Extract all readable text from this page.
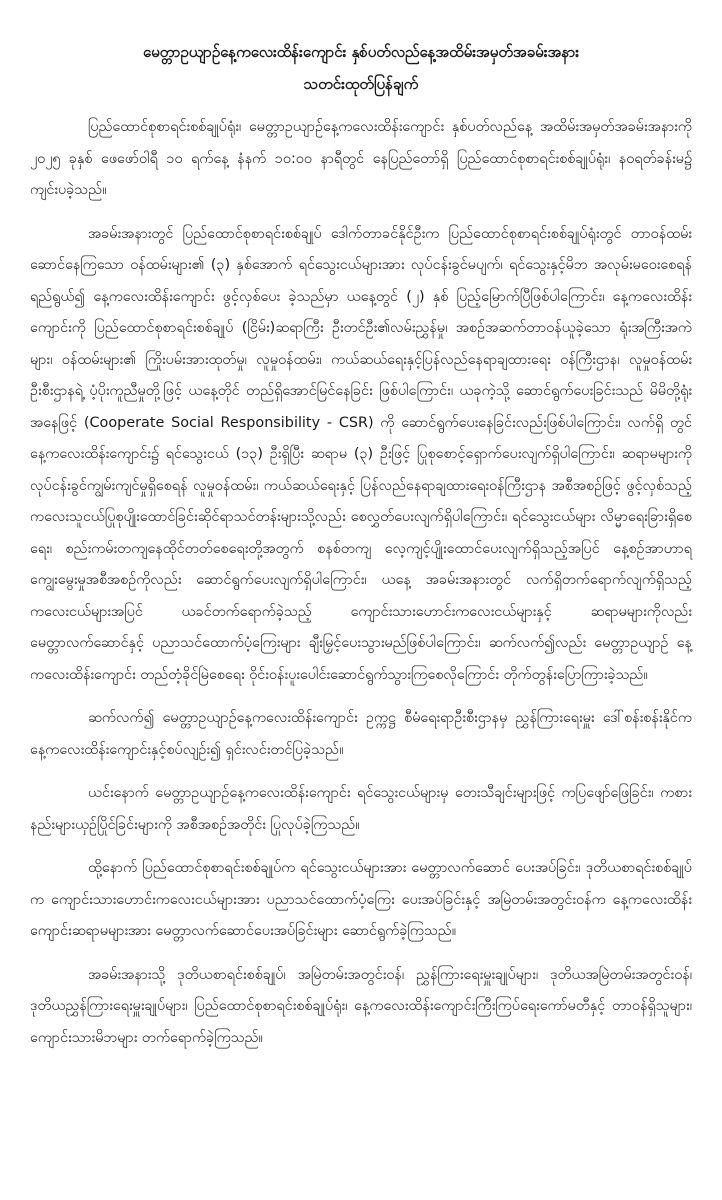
မေတ္တာဥယျာဉ်နေ့ကလေးထိန်းကျောင်း နှစ်ပတ်လည်နေ့အထိမ်းအမှတ်အခမ်းအနား
သတင်းထုတ်ပြန်ချက်

ပြည်ထောင်စုစာရင်းစစ်ချုပ်ရုံး၊ မေတ္တာဥယျာဉ်နေ့ကလေးထိန်းကျောင်း နှစ်ပတ်လည်နေ့ အထိမ်းအမှတ်အခမ်းအနားကို ၂၀၂၅ ခုနှစ် ဖေဖော်ဝါရီ ၁၀ ရက်နေ့ နံနက် ၁၀:၀၀ နာရီတွင် နေပြည်တော်ရှိ ပြည်ထောင်စုစာရင်းစစ်ချုပ်ရုံး၊ န၀ရတ်ခန်းမ၌ ကျင်းပခဲ့သည်။

အခမ်းအနားတွင် ပြည်ထောင်စုစာရင်းစစ်ချုပ် ဒေါက်တာခင်နိုင်ဦးက ပြည်ထောင်စုစာရင်းစစ်ချုပ်ရုံးတွင် တာဝန်ထမ်းဆောင်နေကြသော ဝန်ထမ်းများ၏ (၃) နှစ်အောက် ရင်သွေးငယ်များအား လုပ်ငန်းခွင်မပျက်၊ ရင်သွေးနှင့်မိဘ အလုမ်းမဝေးစေရန် ရည်ရွယ်၍ နေ့ကလေးထိန်းကျောင်း ဖွင့်လှစ်ပေး ခဲ့သည်မှာ ယနေ့တွင် (၂) နှစ် ပြည့်မြောက်ပြီဖြစ်ပါကြောင်း၊ နေ့ကလေးထိန်းကျောင်းကို ပြည်ထောင်စုစာရင်းစစ်ချုပ် (ငြိမ်း)ဆရာကြီး ဦးတင်ဦး၏လမ်းညွှန်မှု၊ အစဉ်အဆက်တာဝန်ယူခဲ့သော ရုံးအကြီးအကဲများ၊ ဝန်ထမ်းများ၏ ကြိုးပမ်းအားထုတ်မှု၊ လူမှုဝန်ထမ်း၊ ကယ်ဆယ်ရေးနှင့်ပြန်လည်နေရာချထားရေး ဝန်ကြီးဌာန၊ လူမှုဝန်ထမ်းဦးစီးဌာနရဲ့ ပံ့ပိုးကူညီမှုတို့ဖြင့် ယနေ့တိုင် တည်ရှိအောင်မြင်နေခြင်း ဖြစ်ပါကြောင်း၊ ယခုကဲ့သို့ ဆောင်ရွက်ပေးခြင်းသည် မိမိတို့ရုံးအနေဖြင့် (Cooperate Social Responsibility - CSR) ကို ဆောင်ရွက်ပေးနေခြင်းလည်းဖြစ်ပါကြောင်း၊ လက်ရှိ တွင် နေ့ကလေးထိန်းကျောင်း၌ ရင်သွေးငယ် (၁၃) ဦးရှိပြီး ဆရာမ (၃) ဦးဖြင့် ပြုစုစောင့်ရှောက်ပေးလျက်ရှိပါကြောင်း၊ ဆရာမများကို လုပ်ငန်းခွင်ကျွမ်းကျင်မှုရှိစေရန် လူမှုဝန်ထမ်း၊ ကယ်ဆယ်ရေးနှင့် ပြန်လည်နေရာချထားရေးဝန်ကြီးဌာန အစီအစဉ်ဖြင့် ဖွင့်လှစ်သည့် ကလေးသူငယ်ပြုစုပျိုးထောင်ခြင်းဆိုင်ရာသင်တန်းများသို့လည်း စေလွှတ်ပေးလျက်ရှိပါကြောင်း၊ ရင်သွေးငယ်များ လိမ္မာရေးခြားရှိစေရေး၊ စည်းကမ်းတကျနေထိုင်တတ်စေရေးတို့အတွက် စနစ်တကျ လေ့ကျင့်ပျိုးထောင်ပေးလျက်ရှိသည့်အပြင် နေ့စဉ်အာဟာရကျွေးမွေးမှုအစီအစဉ်ကိုလည်း ဆောင်ရွက်ပေးလျက်ရှိပါကြောင်း၊ ယနေ့ အခမ်းအနားတွင် လက်ရှိတက်ရောက်လျက်ရှိသည့် ကလေးငယ်များအပြင် ယခင်တက်ရောက်ခဲ့သည့် ကျောင်းသားဟောင်းကလေးငယ်များနှင့် ဆရာမများကိုလည်း မေတ္တာလက်ဆောင်နှင့် ပညာသင်ထောက်ပံ့ကြေးများ ချီးမြှင့်ပေးသွားမည်ဖြစ်ပါကြောင်း၊ ဆက်လက်၍လည်း မေတ္တာဥယျာဉ် နေ့ကလေးထိန်းကျောင်း တည်တံ့ခိုင်မြဲစေရေး ဝိုင်းဝန်းပူးပေါင်းဆောင်ရွက်သွားကြစေလိုကြောင်း တိုက်တွန်းပြောကြားခဲ့သည်။

ဆက်လက်၍ မေတ္တာဥယျာဉ်နေ့ကလေးထိန်းကျောင်း ဥက္ကဋ္ဌ စီမံရေးရာဦးစီးဌာနမှ ညွှန်ကြားရေးမှူး ဒေါ်စန်းစန်းနိုင်က နေ့ကလေးထိန်းကျောင်းနှင့်စပ်လျဉ်း၍ ရှင်းလင်းတင်ပြခဲ့သည်။

ယင်းနောက် မေတ္တာဥယျာဉ်နေ့ကလေးထိန်းကျောင်း ရင်သွေးငယ်များမှ တေးသီချင်းများဖြင့် ကပြဖျော်ဖြေခြင်း၊ ကစားနည်းများယှဉ်ပြိုင်ခြင်းများကို အစီအစဉ်အတိုင်း ပြုလုပ်ခဲ့ကြသည်။

ထို့နောက် ပြည်ထောင်စုစာရင်းစစ်ချုပ်က ရင်သွေးငယ်များအား မေတ္တာလက်ဆောင် ပေးအပ်ခြင်း၊ ဒုတိယစာရင်းစစ်ချုပ်က ကျောင်းသားဟောင်းကလေးငယ်များအား ပညာသင်ထောက်ပံ့ကြေး ပေးအပ်ခြင်းနှင့် အမြဲတမ်းအတွင်းဝန်က နေ့ကလေးထိန်းကျောင်းဆရာမများအား မေတ္တာလက်ဆောင်ပေးအပ်ခြင်းများ ဆောင်ရွက်ခဲ့ကြသည်။

အခမ်းအနားသို့ ဒုတိယစာရင်းစစ်ချုပ်၊ အမြဲတမ်းအတွင်းဝန်၊ ညွှန်ကြားရေးမှူးချုပ်များ၊ ဒုတိယအမြဲတမ်းအတွင်းဝန်၊ ဒုတိယညွှန်ကြားရေးမှူးချုပ်များ၊ ပြည်ထောင်စုစာရင်းစစ်ချုပ်ရုံး၊ နေ့ကလေးထိန်းကျောင်းကြီးကြပ်ရေးကော်မတီနှင့် တာဝန်ရှိသူများ၊ ကျောင်းသားမိဘများ တက်ရောက်ခဲ့ကြသည်။
